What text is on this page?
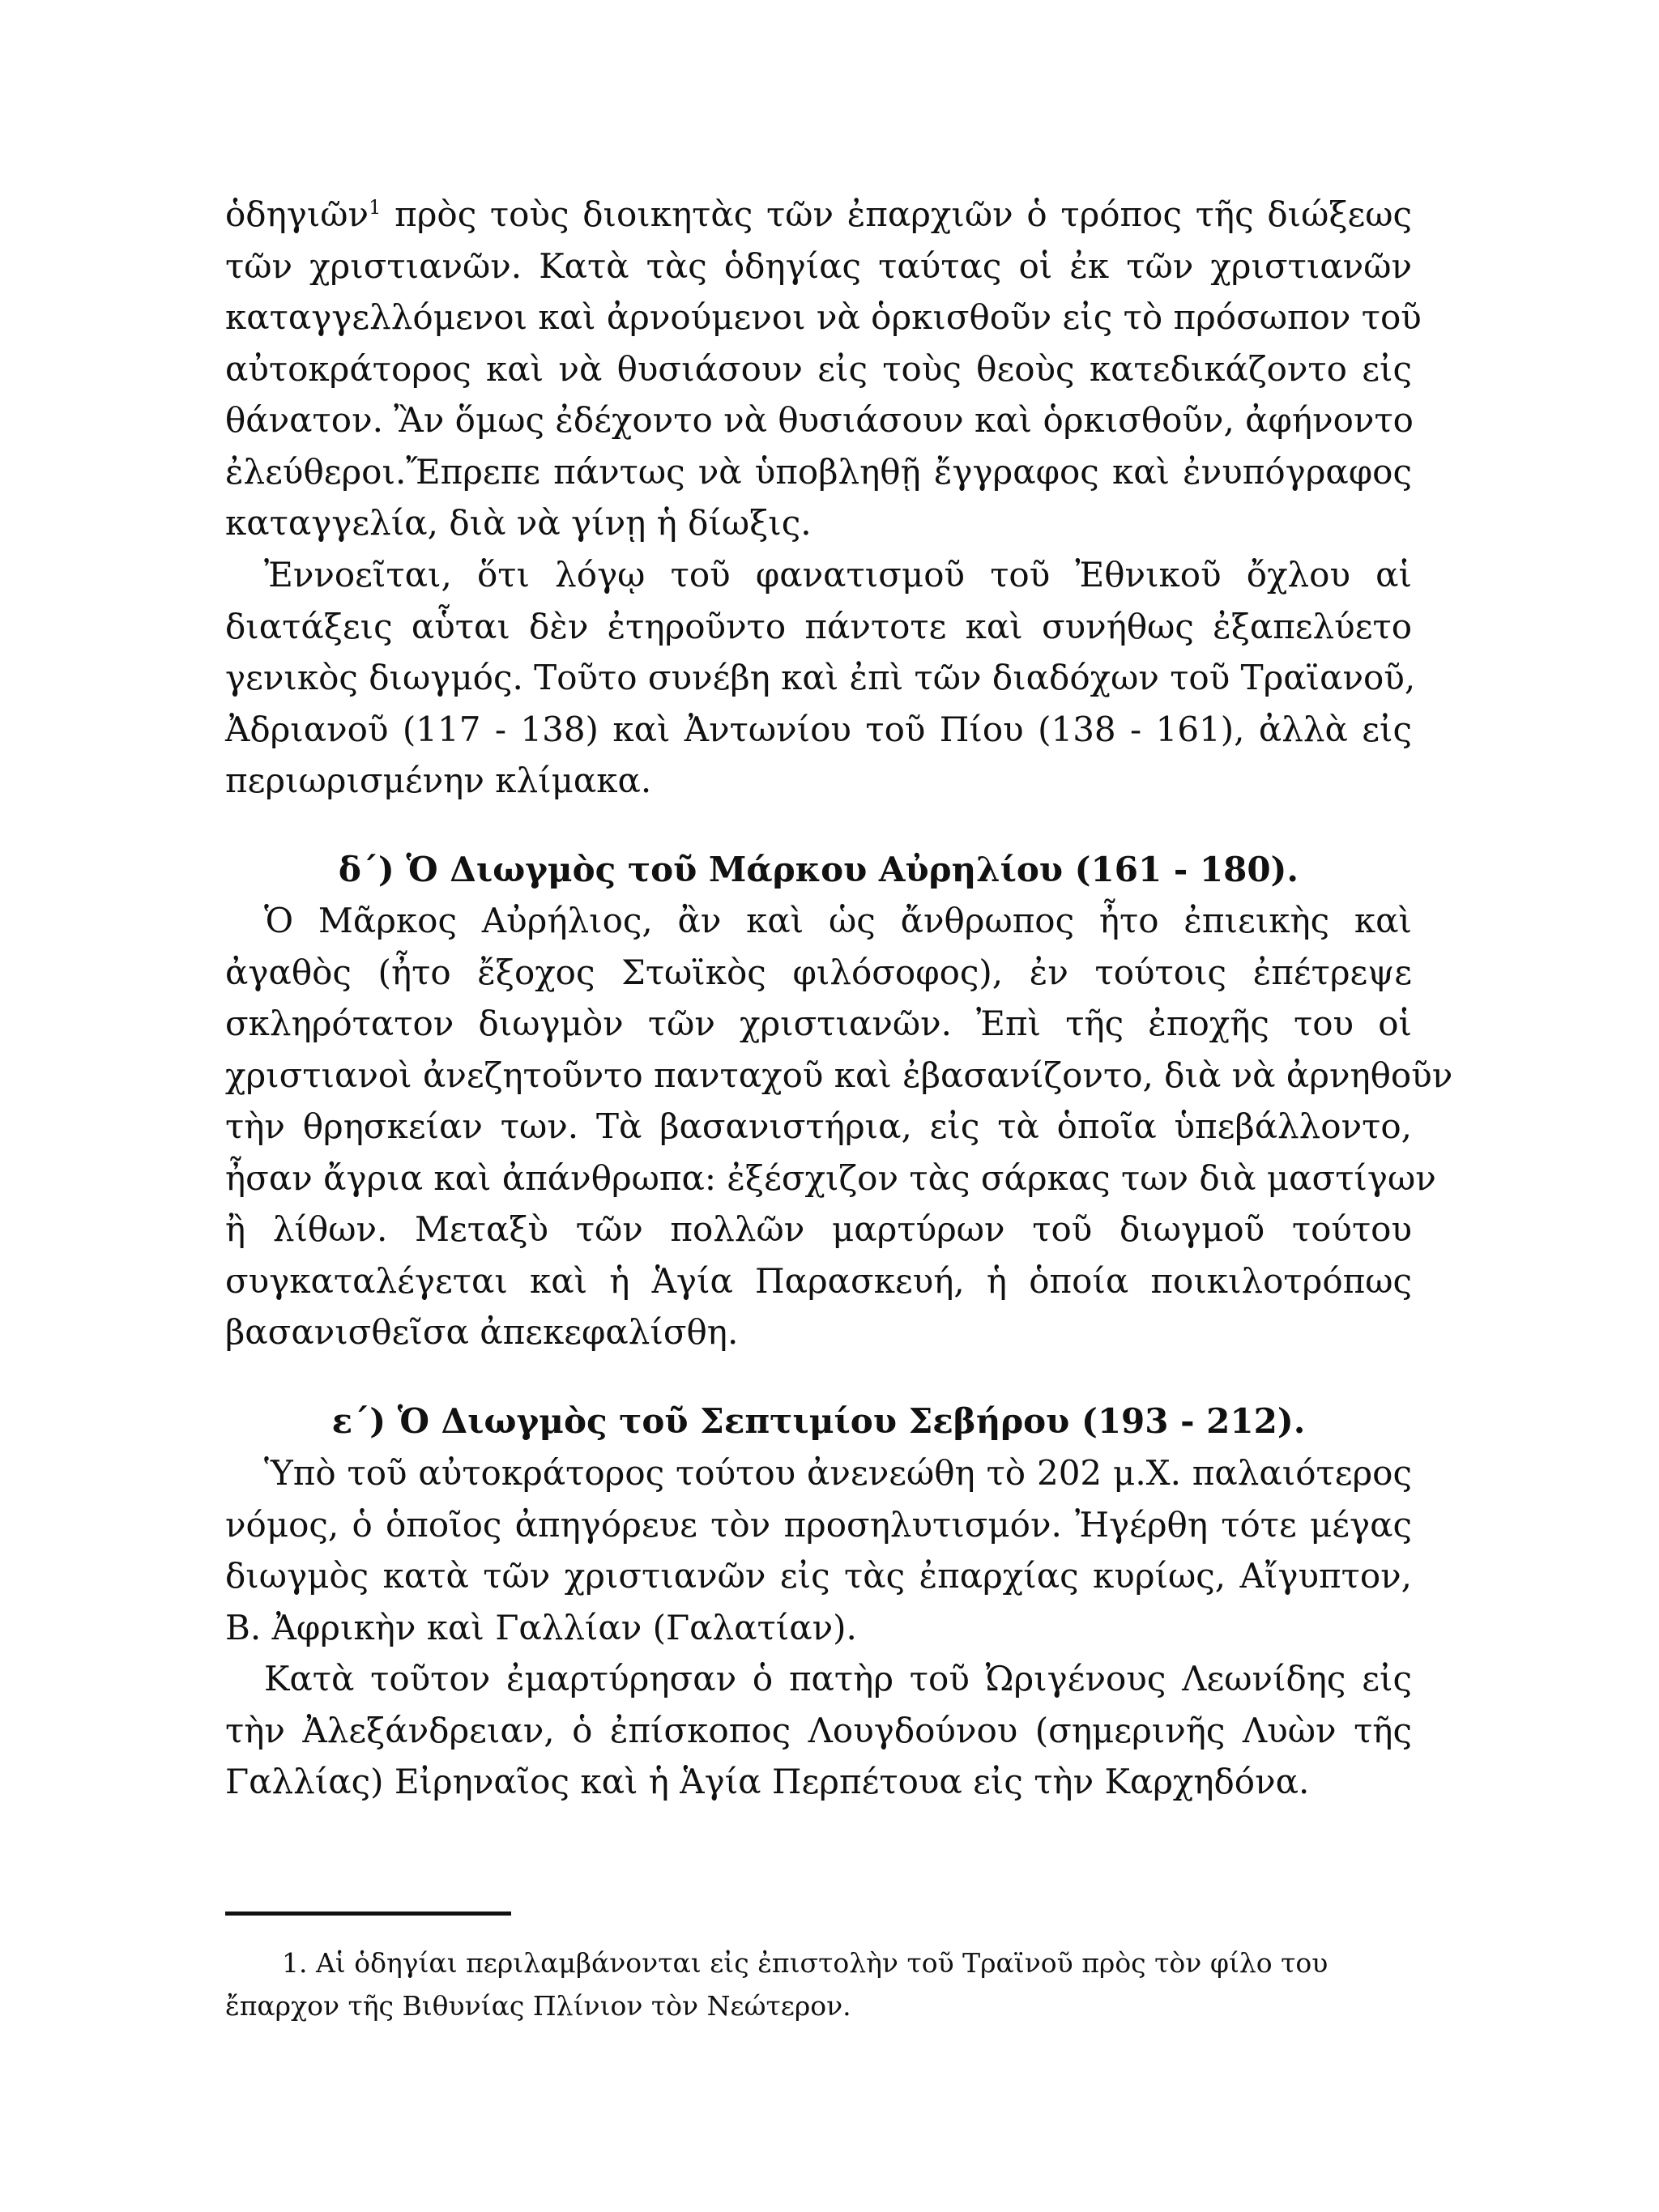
ὁδηγιῶν$^1$ πρὸς τοὺς διοικητὰς τῶν ἐπαρχιῶν ὁ τρόπος τῆς διώξεως
τῶν χριστιανῶν. Κατὰ τὰς ὁδηγίας ταύτας οἱ ἐκ τῶν χριστιανῶν
καταγγελλόμενοι καὶ ἀρνούμενοι νὰ ὁρκισθοῦν εἰς τὸ πρόσωπον τοῦ
αὐτοκράτορος καὶ νὰ θυσιάσουν εἰς τοὺς θεοὺς κατεδικάζοντο εἰς
θάνατον. Ἂν ὅμως ἐδέχοντο νὰ θυσιάσουν καὶ ὁρκισθοῦν, ἀφήνοντο
ἐλεύθεροι.Ἔπρεπε πάντως νὰ ὑποβληθῇ ἔγγραφος καὶ ἐνυπόγραφος
καταγγελία, διὰ νὰ γίνῃ ἡ δίωξις.
Ἐννοεῖται, ὅτι λόγῳ τοῦ φανατισμοῦ τοῦ Ἐθνικοῦ ὄχλου αἱ
διατάξεις αὗται δὲν ἐτηροῦντο πάντοτε καὶ συνήθως ἐξαπελύετο
γενικὸς διωγμός. Τοῦτο συνέβη καὶ ἐπὶ τῶν διαδόχων τοῦ Τραϊανοῦ,
Ἀδριανοῦ (117 - 138) καὶ Ἀντωνίου τοῦ Πίου (138 - 161), ἀλλὰ εἰς
περιωρισμένην κλίμακα.
δ΄) Ὁ Διωγμὸς τοῦ Μάρκου Αὐρηλίου (161 - 180).
Ὁ Μᾶρκος Αὐρήλιος, ἂν καὶ ὡς ἄνθρωπος ἦτο ἐπιεικὴς καὶ
ἀγαθὸς (ἦτο ἔξοχος Στωϊκὸς φιλόσοφος), ἐν τούτοις ἐπέτρεψε
σκληρότατον διωγμὸν τῶν χριστιανῶν. Ἐπὶ τῆς ἐποχῆς του οἱ
χριστιανοὶ ἀνεζητοῦντο πανταχοῦ καὶ ἐβασανίζοντο, διὰ νὰ ἀρνηθοῦν
τὴν θρησκείαν των. Τὰ βασανιστήρια, εἰς τὰ ὁποῖα ὑπεβάλλοντο,
ἦσαν ἄγρια καὶ ἀπάνθρωπα: ἐξέσχιζον τὰς σάρκας των διὰ μαστίγων
ἢ λίθων. Μεταξὺ τῶν πολλῶν μαρτύρων τοῦ διωγμοῦ τούτου
συγκαταλέγεται καὶ ἡ Ἁγία Παρασκευή, ἡ ὁποία ποικιλοτρόπως
βασανισθεῖσα ἀπεκεφαλίσθη.
ε΄) Ὁ Διωγμὸς τοῦ Σεπτιμίου Σεβήρου (193 - 212).
Ὑπὸ τοῦ αὐτοκράτορος τούτου ἀνενεώθη τὸ 202 μ.Χ. παλαιότερος
νόμος, ὁ ὁποῖος ἀπηγόρευε τὸν προσηλυτισμόν. Ἠγέρθη τότε μέγας
διωγμὸς κατὰ τῶν χριστιανῶν εἰς τὰς ἐπαρχίας κυρίως, Αἴγυπτον,
Β. Ἀφρικὴν καὶ Γαλλίαν (Γαλατίαν).
Κατὰ τοῦτον ἐμαρτύρησαν ὁ πατὴρ τοῦ Ὠριγένους Λεωνίδης εἰς
τὴν Ἀλεξάνδρειαν, ὁ ἐπίσκοπος Λουγδούνου (σημερινῆς Λυὼν τῆς
Γαλλίας) Εἰρηναῖος καὶ ἡ Ἁγία Περπέτουα εἰς τὴν Καρχηδόνα.
1. Αἱ ὁδηγίαι περιλαμβάνονται εἰς ἐπιστολὴν τοῦ Τραϊνοῦ πρὸς τὸν φίλο του
ἔπαρχον τῆς Βιθυνίας Πλίνιον τὸν Νεώτερον.
